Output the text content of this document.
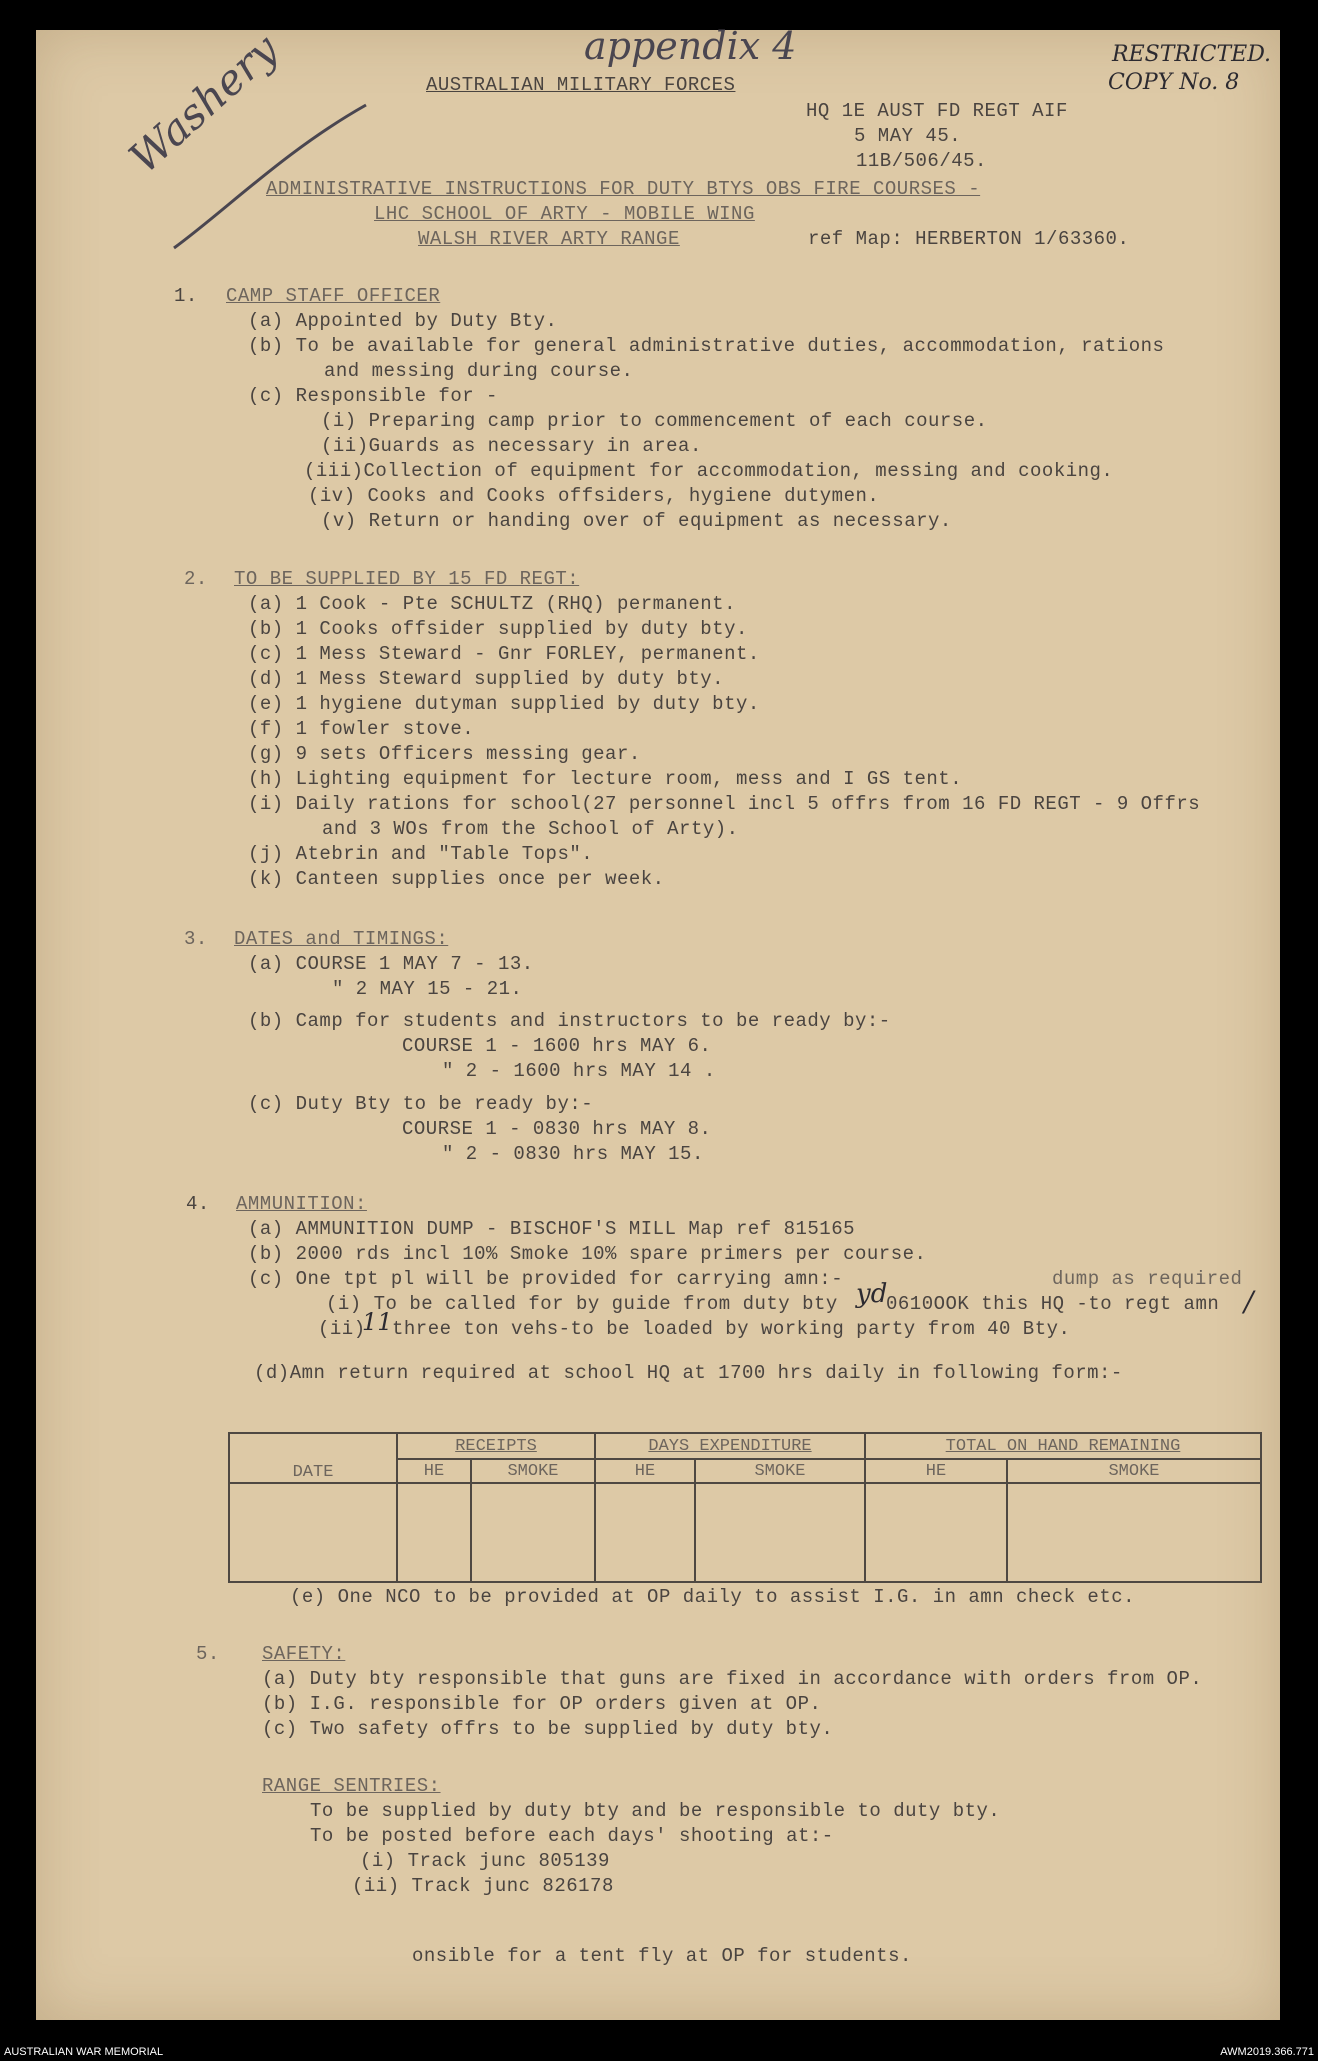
appendix 4	RESTRICTED.
COPY No. 8
Washery	AUSTRALIAN MILITARY FORCES
HQ 1E AUST FD REGT AIF
5 MAY 45.
11B/506/45.
ADMINISTRATIVE INSTRUCTIONS FOR DUTY BTYS OBS FIRE COURSES -
LHC SCHOOL OF ARTY - MOBILE WING
WALSH RIVER ARTY RANGE	ref Map: HERBERTON 1/63360.
1. CAMP STAFF OFFICER
(a) Appointed by Duty Bty.
(b) To be available for general administrative duties, accommodation, rations
and messing during course.
(c) Responsible for -
(i) Preparing camp prior to commencement of each course.
(ii)Guards as necessary in area.
(iii)Collection of equipment for accommodation, messing and cooking.
(iv) Cooks and Cooks offsiders, hygiene dutymen.
(v) Return or handing over of equipment as necessary.
2. TO BE SUPPLIED BY 15 FD REGT:
(a) 1 Cook - Pte SCHULTZ (RHQ) permanent.
(b) 1 Cooks offsider supplied by duty bty.
(c) 1 Mess Steward - Gnr FORLEY, permanent.
(d) 1 Mess Steward supplied by duty bty.
(e) 1 hygiene dutyman supplied by duty bty.
(f) 1 fowler stove.
(g) 9 sets Officers messing gear.
(h) Lighting equipment for lecture room, mess and I GS tent.
(i) Daily rations for school(27 personnel incl 5 offrs from 16 FD REGT - 9 Offrs
and 3 WOs from the School of Arty).
(j) Atebrin and "Table Tops".
(k) Canteen supplies once per week.
3. DATES and TIMINGS:
(a) COURSE 1 MAY 7 - 13.
" 2 MAY 15 - 21.
(b) Camp for students and instructors to be ready by:-
COURSE 1 - 1600 hrs MAY 6.
" 2 - 1600 hrs MAY 14 .
(c) Duty Bty to be ready by:-
COURSE 1 - 0830 hrs MAY 8.
" 2 - 0830 hrs MAY 15.
4. AMMUNITION:
(a) AMMUNITION DUMP - BISCHOF'S MILL Map ref 815165
(b) 2000 rds incl 10% Smoke 10% spare primers per course.
(c) One tpt pl will be provided for carrying amn:-	dump as required
(i) To be called for by guide from duty bty yd
0610OOK this HQ -to regt amn /
(ii)
11 three ton vehs-to be loaded by working party from 40 Bty.
(d)Amn return required at school HQ at 1700 hrs daily in following form:-
DATE	RECEIPTS		DAYS EXPENDITURE		TOTAL ON HAND REMAINING	
	HE	SMOKE	HE	SMOKE	HE	SMOKE

(e) One NCO to be provided at OP daily to assist I.G. in amn check etc.
5. SAFETY:
(a) Duty bty responsible that guns are fixed in accordance with orders from OP.
(b) I.G. responsible for OP orders given at OP.
(c) Two safety offrs to be supplied by duty bty.
RANGE SENTRIES:
To be supplied by duty bty and be responsible to duty bty.
To be posted before each days' shooting at:-
(i) Track junc 805139
(ii) Track junc 826178
onsible for a tent fly at OP for students.
AUSTRALIAN WAR MEMORIAL	AWM2019.366.771
